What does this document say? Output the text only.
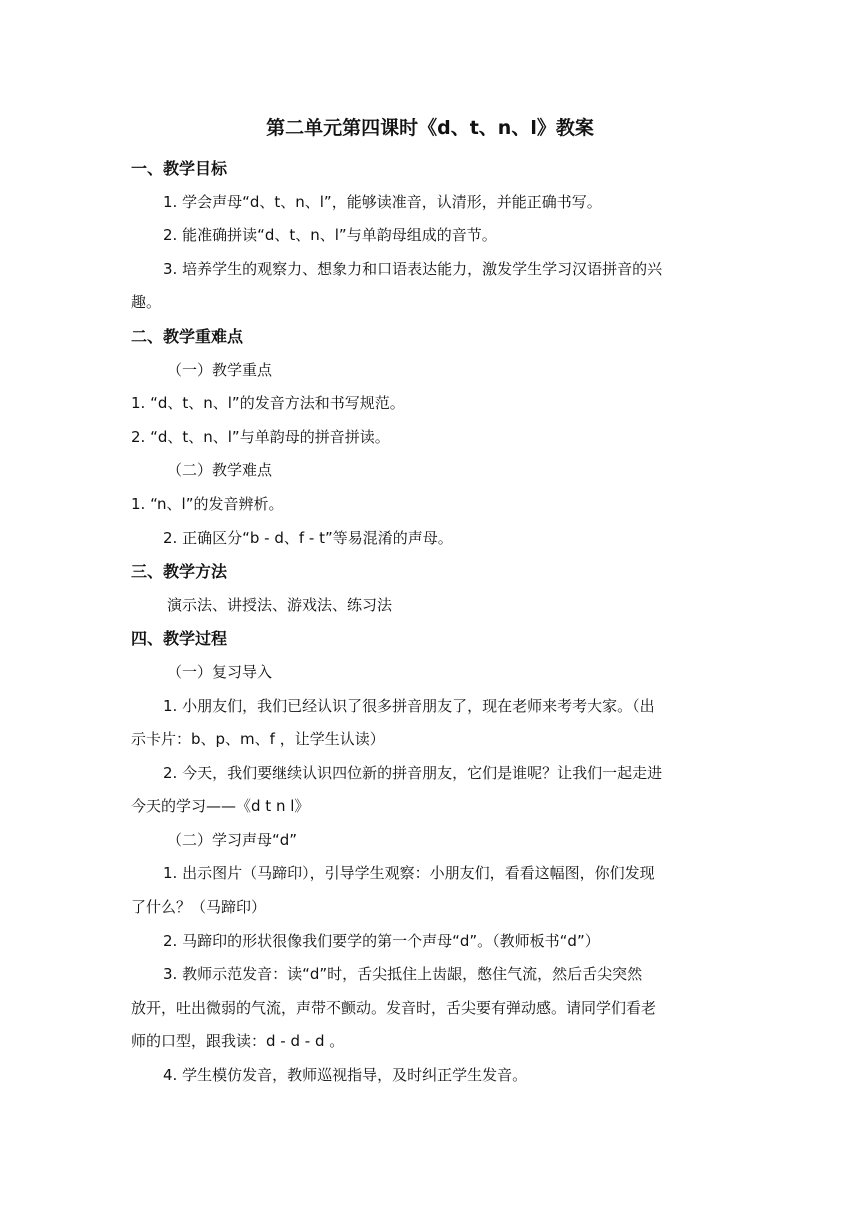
第二单元第四课时《d、t、n、l》教案
一、教学目标
1. 学会声母“d、t、n、l”，能够读准音，认清形，并能正确书写。
2. 能准确拼读“d、t、n、l”与单韵母组成的音节。
3. 培养学生的观察力、想象力和口语表达能力，激发学生学习汉语拼音的兴
趣。
二、教学重难点
（一）教学重点
1. “d、t、n、l”的发音方法和书写规范。
2. “d、t、n、l”与单韵母的拼音拼读。
（二）教学难点
1. “n、l”的发音辨析。
2. 正确区分“b - d、f - t”等易混淆的声母。
三、教学方法
演示法、讲授法、游戏法、练习法
四、教学过程
（一）复习导入
1. 小朋友们，我们已经认识了很多拼音朋友了，现在老师来考考大家。（出
示卡片：b、p、m、f ，让学生认读）
2. 今天，我们要继续认识四位新的拼音朋友，它们是谁呢？让我们一起走进
今天的学习——《d t n l》
（二）学习声母“d”
1. 出示图片（马蹄印），引导学生观察：小朋友们，看看这幅图，你们发现
了什么？（马蹄印）
2. 马蹄印的形状很像我们要学的第一个声母“d”。（教师板书“d”）
3. 教师示范发音：读“d”时，舌尖抵住上齿龈，憋住气流，然后舌尖突然
放开，吐出微弱的气流，声带不颤动。发音时，舌尖要有弹动感。请同学们看老
师的口型，跟我读：d - d - d 。
4. 学生模仿发音，教师巡视指导，及时纠正学生发音。
